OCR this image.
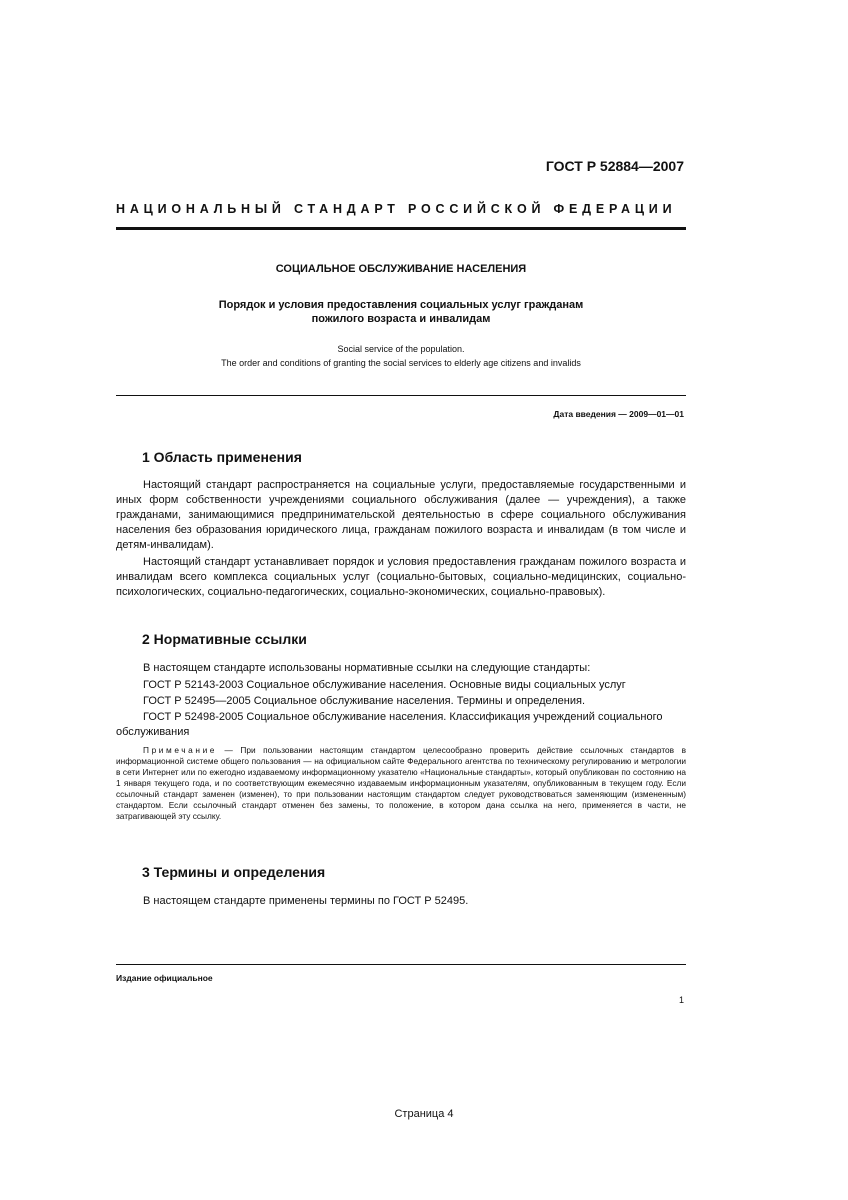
ГОСТ Р 52884—2007
НАЦИОНАЛЬНЫЙ СТАНДАРТ РОССИЙСКОЙ ФЕДЕРАЦИИ
СОЦИАЛЬНОЕ ОБСЛУЖИВАНИЕ НАСЕЛЕНИЯ
Порядок и условия предоставления социальных услуг гражданам
пожилого возраста и инвалидам
Social service of the population.
The order and conditions of granting the social services to elderly age citizens and invalids
Дата введения — 2009—01—01
1 Область применения

Настоящий стандарт распространяется на социальные услуги, предоставляемые государственными и иных форм собственности учреждениями социального обслуживания (далее — учреждения), а также гражданами, занимающимися предпринимательской деятельностью в сфере социального обслуживания населения без образования юридического лица, гражданам пожилого возраста и инвалидам (в том числе и детям-инвалидам).

Настоящий стандарт устанавливает порядок и условия предоставления гражданам пожилого возраста и инвалидам всего комплекса социальных услуг (социально-бытовых, социально-медицинских, социально-психологических, социально-педагогических, социально-экономических, социально-правовых).

2 Нормативные ссылки

В настоящем стандарте использованы нормативные ссылки на следующие стандарты:

ГОСТ Р 52143-2003 Социальное обслуживание населения. Основные виды социальных услуг

ГОСТ Р 52495—2005 Социальное обслуживание населения. Термины и определения.

ГОСТ Р 52498-2005 Социальное обслуживание населения. Классификация учреждений социального обслуживания

Примечание — При пользовании настоящим стандартом целесообразно проверить действие ссылочных стандартов в информационной системе общего пользования — на официальном сайте Федерального агентства по техническому регулированию и метрологии в сети Интернет или по ежегодно издаваемому информационному указателю «Национальные стандарты», который опубликован по состоянию на 1 января текущего года, и по соответствующим ежемесячно издаваемым информационным указателям, опубликованным в текущем году. Если ссылочный стандарт заменен (изменен), то при пользовании настоящим стандартом следует руководствоваться заменяющим (измененным) стандартом. Если ссылочный стандарт отменен без замены, то положение, в котором дана ссылка на него, применяется в части, не затрагивающей эту ссылку.

3 Термины и определения

В настоящем стандарте применены термины по ГОСТ Р 52495.

Издание официальное
1
Страница 4
